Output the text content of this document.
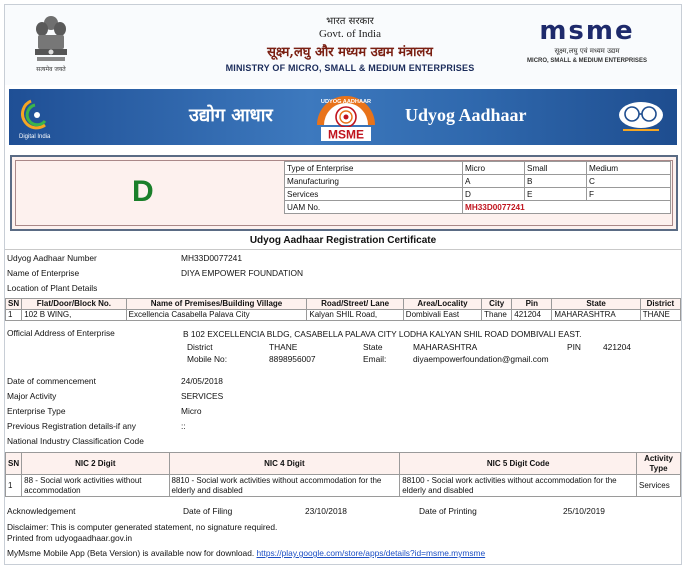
सत्यमेव जयते
भारत सरकार
Govt. of India
सूक्ष्म,लघु और मध्यम उद्यम मंत्रालय
MINISTRY OF MICRO, SMALL & MEDIUM ENTERPRISES
msme
सूक्ष्म,लघु एवं मध्यम उद्यम
MICRO, SMALL & MEDIUM ENTERPRISES
Digital India
उद्योग आधार
UDYOG AADHAAR
MSME
Udyog Aadhaar
D
Type of Enterprise	Micro	Small	Medium
Manufacturing	A	B	C
Services	D	E	F
UAM No.	MH33D0077241		
Udyog Aadhaar Registration Certificate
Udyog Aadhaar Number	MH33D0077241
Name of Enterprise	DIYA EMPOWER FOUNDATION
Location of Plant Details
SN	Flat/Door/Block No.	Name of Premises/Building Village	Road/Street/ Lane	Area/Locality	City	Pin	State	District
1	102 B WING,	Excellencia Casabella Palava City	Kalyan SHIL Road,	Dombivali East	Thane	421204	MAHARASHTRA	THANE
Official Address of Enterprise	B 102 EXCELLENCIA BLDG, CASABELLA PALAVA CITY LODHA KALYAN SHIL ROAD DOMBIVALI EAST.
District	THANE	State	MAHARASHTRA	PIN	421204
Mobile No:	8898956007	Email:	diyaempowerfoundation@gmail.com
Date of commencement	24/05/2018
Major Activity	SERVICES
Enterprise Type	Micro
Previous Registration details-if any	::
National Industry Classification Code
SN	NIC 2 Digit	NIC 4 Digit	NIC 5 Digit Code	Activity Type
1	88 - Social work activities without accommodation	8810 - Social work activities without accommodation for the elderly and disabled	88100 - Social work activities without accommodation for the elderly and disabled	Services
Acknowledgement	Date of Filing	23/10/2018	Date of Printing	25/10/2019
Disclaimer: This is computer generated statement, no signature required.
Printed from udyogaadhaar.gov.in
MyMsme Mobile App (Beta Version) is available now for download. https://play.google.com/store/apps/details?id=msme.mymsme
